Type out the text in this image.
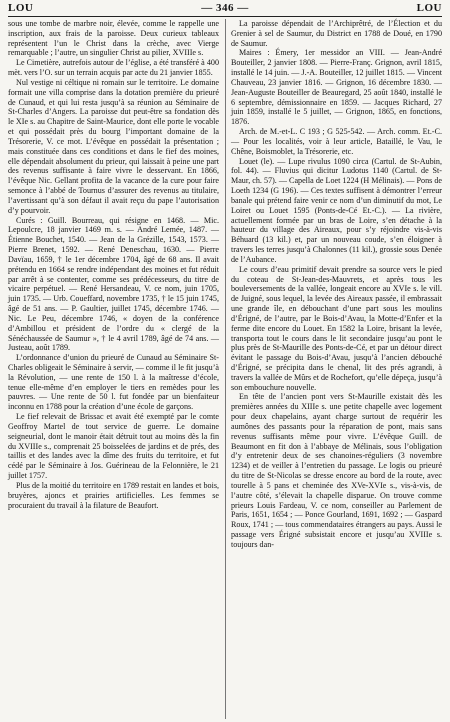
LOU	— 346 —	LOU

sous une tombe de marbre noir, élevée, comme le rappelle une inscription, aux frais de la paroisse. Deux curieux tableaux représentent l’un le Christ dans la crèche, avec Vierge remarquable ; l’autre, un singulier Christ au pilier, XVIIIe s.

Le Cimetière, autrefois autour de l’église, a été transféré à 400 mèt. vers l’O. sur un terrain acquis par acte du 21 janvier 1855.

Nul vestige ni céltique ni romain sur le territoire. Le domaine formait une villa comprise dans la dotation première du prieuré de Cunaud, et qui lui resta jusqu’à sa réunion au Séminaire de St-Charles d’Angers. La paroisse dut peut-être sa fondation dès le XIe s. au Chapitre de Saint-Maurice, dont elle porte le vocable et qui possédait près du bourg l’important domaine de la Trésorerie, V. ce mot. L’évêque en possédait la présentation ; mais constituée dans ces conditions et dans le fief des moines, elle dépendait absolument du prieur, qui laissait à peine une part des revenus suffisante à faire vivre le desservant. En 1866, l’évêque Nic. Gellant profita de la vacance de la cure pour faire semonce à l’abbé de Tournus d’assurer des revenus au titulaire, l’avertissant qu’à son défaut il avait reçu du pape l’autorisation d’y pourvoir.

Curés : Guill. Bourreau, qui résigne en 1468. — Mic. Lepoulcre, 18 janvier 1469 m. s. — André Lemée, 1487. — Étienne Bouchet, 1540. — Jean de la Grézille, 1543, 1573. — Pierre Brenet, 1592. — René Deneschau, 1630. — Pierre Davïau, 1659, † le 1er décembre 1704, âgé de 68 ans. Il avait prétendu en 1664 se rendre indépendant des moines et fut réduit par arrêt à se contenter, comme ses prédécesseurs, du titre de vicaire perpétuel. — René Hersandeau, V. ce nom, juin 1705, juin 1735. — Urb. Coueffard, novembre 1735, † le 15 juin 1745, âgé de 51 ans. — P. Gaultier, juillet 1745, décembre 1746. — Nic. Le Peu, décembre 1746, « doyen de la conférence d’Ambillou et président de l’ordre du « clergé de la Sénéchaussée de Saumur », † le 4 avril 1789, âgé de 74 ans. — Justeau, août 1789.

L’ordonnance d’union du prieuré de Cunaud au Séminaire St-Charles obligeait le Séminaire à servir, — comme il le fit jusqu’à la Révolution, — une rente de 150 l. à la maîtresse d’école, tenue elle-même d’en employer le tiers en remèdes pour les pauvres. — Une rente de 50 l. fut fondée par un bienfaiteur inconnu en 1788 pour la création d’une école de garçons.

Le fief relevait de Brissac et avait été exempté par le comte Geoffroy Martel de tout service de guerre. Le domaine seigneurial, dont le manoir était détruit tout au moins dès la fin du XVIIIe s., comprenait 25 boisselées de jardins et de prés, des taillis et des landes avec la dîme des fruits du territoire, et fut cédé par le Séminaire à Jos. Guérineau de la Felonnière, le 21 juillet 1757.

Plus de la moitié du territoire en 1789 restait en landes et bois, bruyères, ajoncs et prairies artificielles. Les femmes se procuraient du travail à la filature de Beaufort.

La paroisse dépendait de l’Archiprêtré, de l’Élection et du Grenier à sel de Saumur, du District en 1788 de Doué, en 1790 de Saumur.

Maires : Émery, 1er messidor an VIII. — Jean-André Bouteiller, 2 janvier 1808. — Pierre-Franç. Grignon, avril 1815, installé le 14 juin. — J.-A. Bouteiller, 12 juillet 1815. — Vincent Chauveau, 23 janvier 1816. — Grignon, 16 décembre 1830. — Jean-Auguste Bouteiller de Beauregard, 25 août 1840, installé le 6 septembre, démissionnaire en 1859. — Jacques Richard, 27 juin 1859, installé le 5 juillet, — Grignon, 1865, en fonctions, 1876.

Arch. de M.-et-L. C 193 ; G 525-542. — Arch. comm. Et.-C. — Pour les localités, voir à leur article, Bataillé, le Vau, le Chêne, Boismoblet, la Trésorerie, etc.

Louet (le). — Lupe rivulus 1090 circa (Cartul. de St-Aubin, fol. 44). — Fluvius qui dicitur Ludotus 1140 (Cartul. de St-Maur, ch. 57). — Capella de Loet 1224 (H Mélinais). — Pons de Loeth 1234 (G 196). — Ces textes suffisent à démontrer l’erreur banale qui prétend faire venir ce nom d’un diminutif du mot, Le Loiret ou Louet 1595 (Ponts-de-Cé Et.-C.). — La rivière, actuellement formée par un bras de Loire, s’en détache à la hauteur du village des Aireaux, pour s’y réjoindre vis-à-vis Béhuard (13 kil.) et, par un nouveau coude, s’en éloigner à travers les terres jusqu’à Chalonnes (11 kil.), grossie sous Denée de l’Aubance.

Le cours d’eau primitif devait prendre sa source vers le pied du coteau de St-Jean-des-Mauvrets, et après tous les bouleversements de la vallée, longeait encore au XVIe s. le vill. de Juigné, sous lequel, la levée des Aireaux passée, il embrassait une grande île, en débouchant d’une part sous les moulins d’Érigné, de l’autre, par le Bois-d’Avau, la Motte-d’Enfer et la ferme dite encore du Louet. En 1582 la Loire, brisant la levée, transporta tout le cours dans le lit secondaire jusqu’au pont le plus près de St-Maurille des Ponts-de-Cé, et par un détour direct évitant le passage du Bois-d’Avau, jusqu’à l’ancien débouché d’Érigné, se précipita dans le chenal, lit des prés agrandi, à travers la vallée de Mûrs et de Rochefort, qu’elle dépeça, jusqu’à son embouchure nouvelle.

En tête de l’ancien pont vers St-Maurille existait dès les premières années du XIIIe s. une petite chapelle avec logement pour deux chapelains, ayant charge surtout de requérir les aumônes des passants pour la réparation de pont, mais sans revenus suffisants même pour vivre. L’évêque Guill. de Beaumont en fit don à l’abbaye de Mélinais, sous l’obligation d’y entretenir deux de ses chanoines-réguliers (3 novembre 1234) et de veiller à l’entretien du passage. Le logis ou prieuré du titre de St-Nicolas se dresse encore au bord de la route, avec tourelle à 5 pans et cheminée des XVe-XVIe s., vis-à-vis, de l’autre côté, s’élevait la chapelle disparue. On trouve comme prieurs Louis Fardeau, V. ce nom, conseiller au Parlement de Paris, 1651, 1654 ; — Ponce Gourland, 1691, 1692 ; — Gaspard Roux, 1741 ; — tous commendataires étrangers au pays. Aussi le passage vers Érigné subsistait encore et jusqu’au XVIIIe s. toujours dan-
